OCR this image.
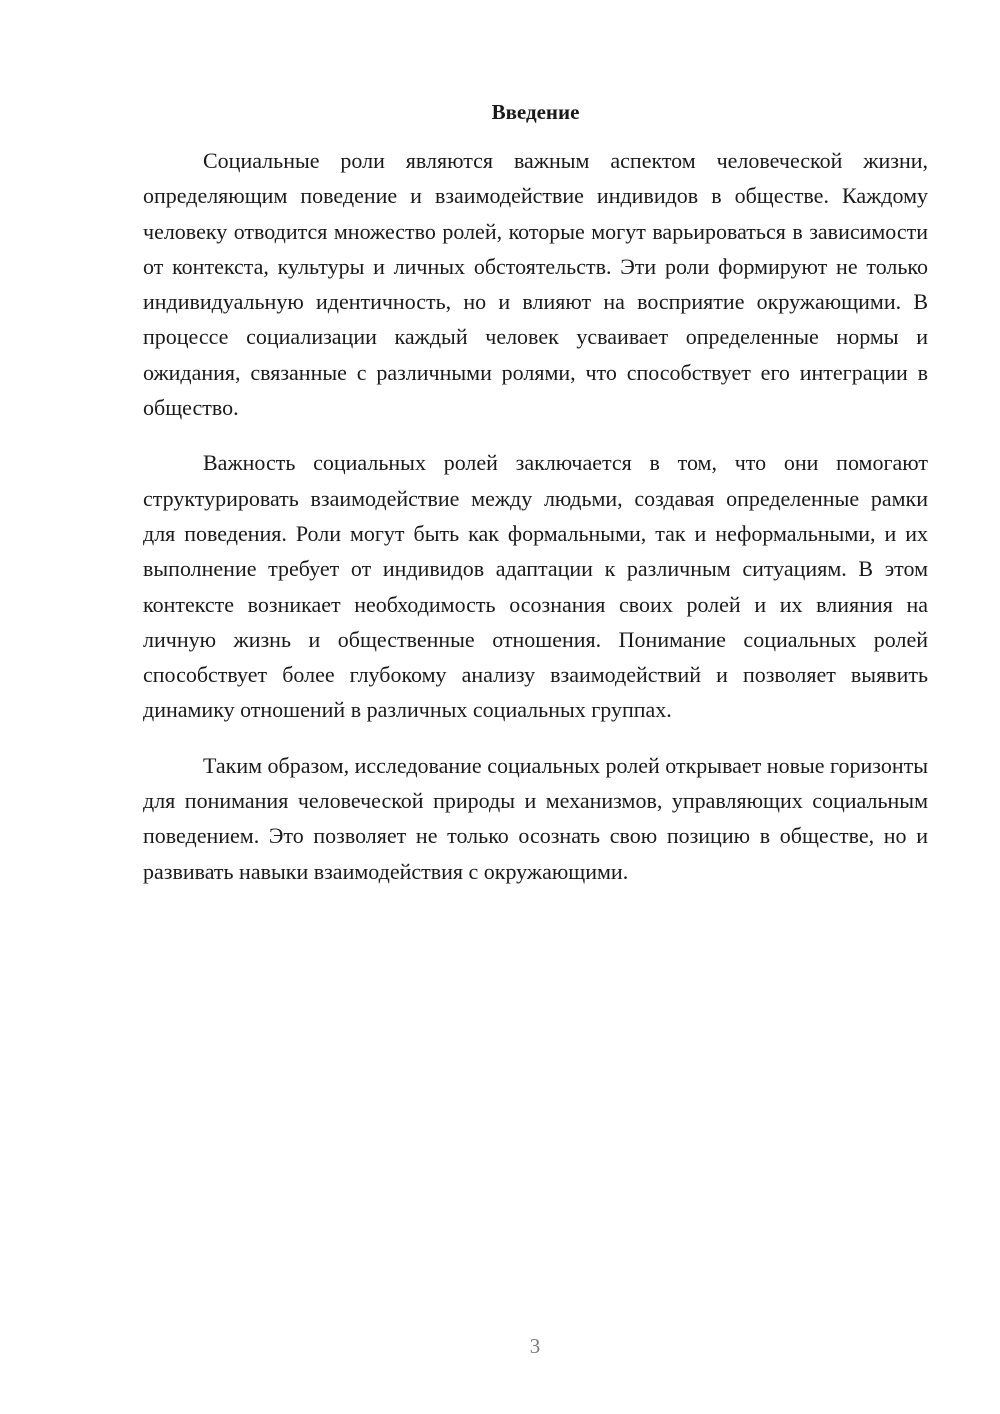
Введение

Социальные роли являются важным аспектом человеческой жизни, определяющим поведение и взаимодействие индивидов в обществе. Каждому человеку отводится множество ролей, которые могут варьироваться в зависимости от контекста, культуры и личных обстоятельств. Эти роли формируют не только индивидуальную идентичность, но и влияют на восприятие окружающими. В процессе социализации каждый человек усваивает определенные нормы и ожидания, связанные с различными ролями, что способствует его интеграции в общество.

Важность социальных ролей заключается в том, что они помогают структурировать взаимодействие между людьми, создавая определенные рамки для поведения. Роли могут быть как формальными, так и неформальными, и их выполнение требует от индивидов адаптации к различным ситуациям. В этом контексте возникает необходимость осознания своих ролей и их влияния на личную жизнь и общественные отношения. Понимание социальных ролей способствует более глубокому анализу взаимодействий и позволяет выявить динамику отношений в различных социальных группах.

Таким образом, исследование социальных ролей открывает новые горизонты для понимания человеческой природы и механизмов, управляющих социальным поведением. Это позволяет не только осознать свою позицию в обществе, но и развивать навыки взаимодействия с окружающими.

3
